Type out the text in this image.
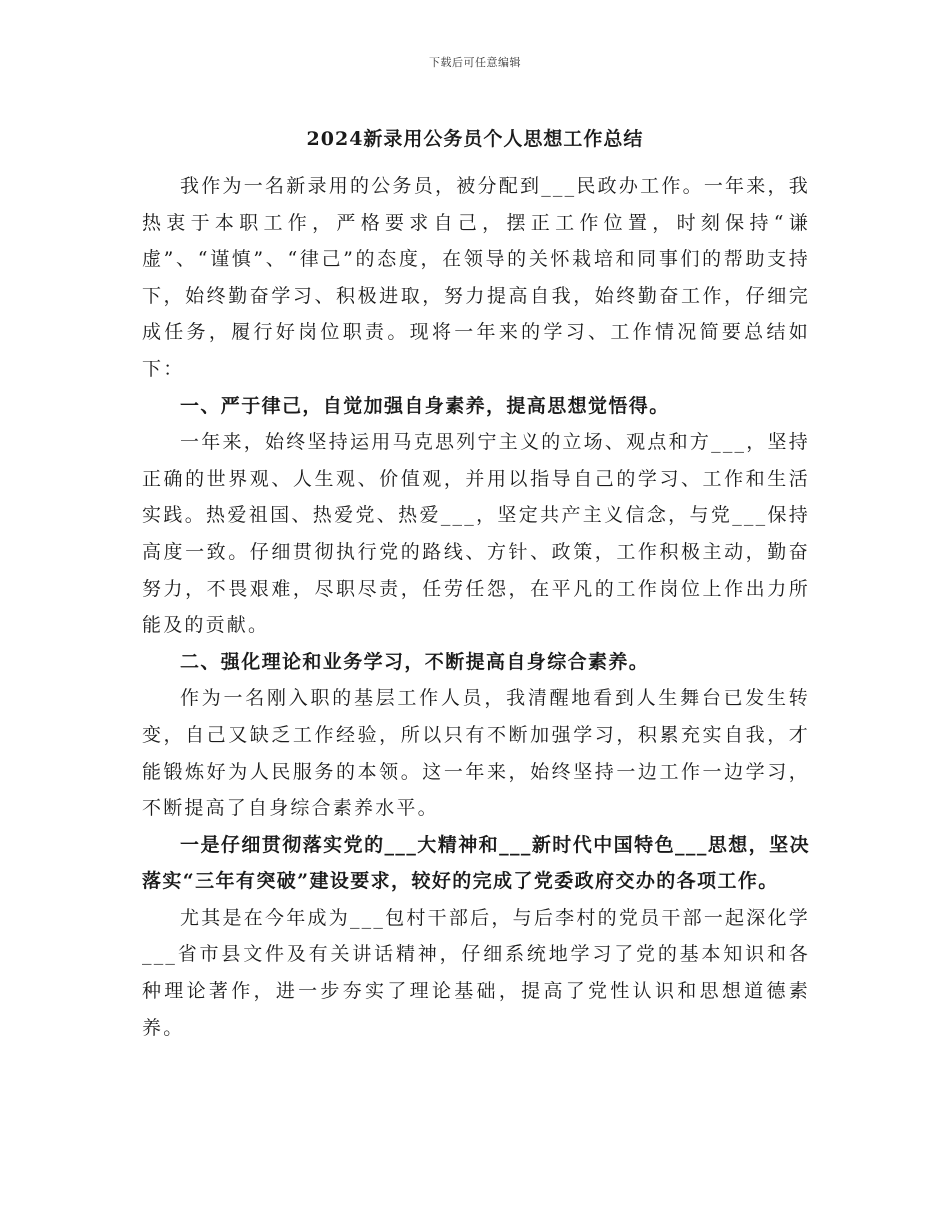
下载后可任意编辑
2024新录用公务员个人思想工作总结

我作为一名新录用的公务员，被分配到___民政办工作。一年来，我热衷于本职工作，严格要求自己，摆正工作位置，时刻保持“谦虚”、“谨慎”、“律己”的态度，在领导的关怀栽培和同事们的帮助支持下，始终勤奋学习、积极进取，努力提高自我，始终勤奋工作，仔细完成任务，履行好岗位职责。现将一年来的学习、工作情况简要总结如下：

一、严于律己，自觉加强自身素养，提高思想觉悟得。

一年来，始终坚持运用马克思列宁主义的立场、观点和方___，坚持正确的世界观、人生观、价值观，并用以指导自己的学习、工作和生活实践。热爱祖国、热爱党、热爱___，坚定共产主义信念，与党___保持高度一致。仔细贯彻执行党的路线、方针、政策，工作积极主动，勤奋努力，不畏艰难，尽职尽责，任劳任怨，在平凡的工作岗位上作出力所能及的贡献。

二、强化理论和业务学习，不断提高自身综合素养。

作为一名刚入职的基层工作人员，我清醒地看到人生舞台已发生转变，自己又缺乏工作经验，所以只有不断加强学习，积累充实自我，才能锻炼好为人民服务的本领。这一年来，始终坚持一边工作一边学习，不断提高了自身综合素养水平。

一是仔细贯彻落实党的___大精神和___新时代中国特色___思想，坚决落实“三年有突破”建设要求，较好的完成了党委政府交办的各项工作。

尤其是在今年成为___包村干部后，与后李村的党员干部一起深化学___省市县文件及有关讲话精神，仔细系统地学习了党的基本知识和各种理论著作，进一步夯实了理论基础，提高了党性认识和思想道德素养。
